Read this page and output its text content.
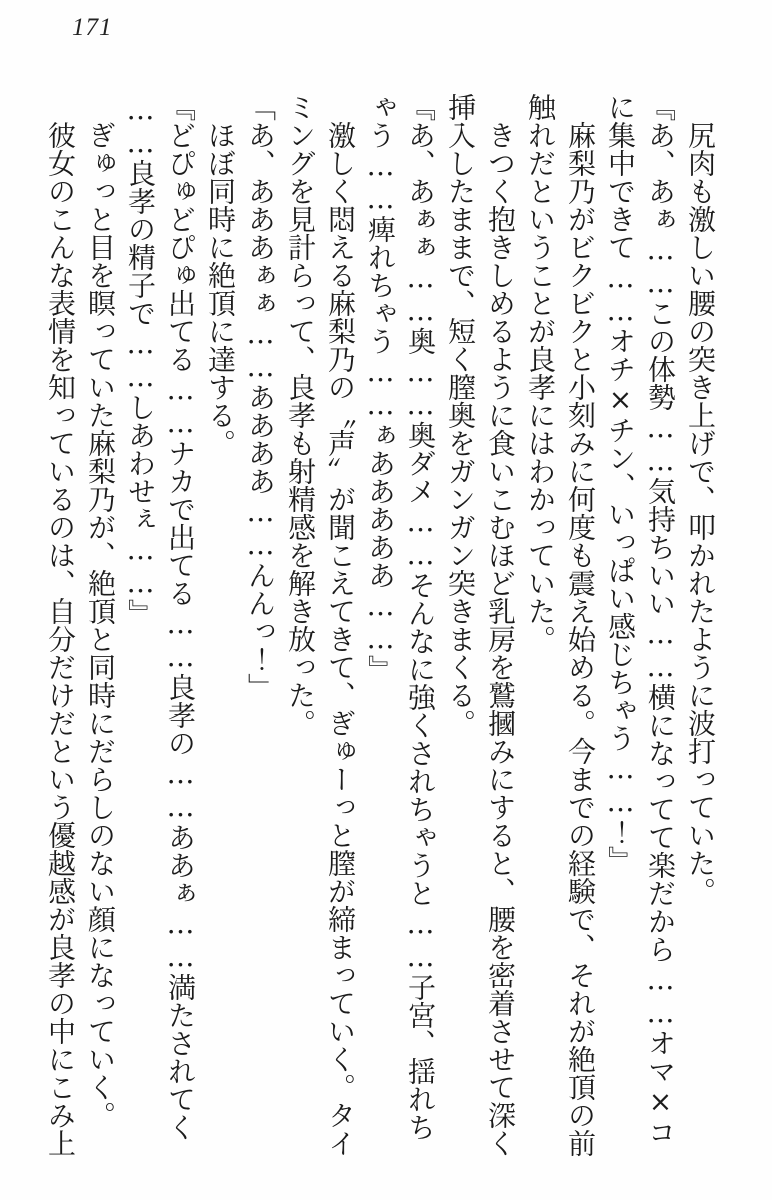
171

尻肉も激しい腰の突き上げで、叩かれたように波打っていた。

『あ、あぁ……この体勢……気持ちいい……横になってて楽だから……オマ×コに集中できて……オチ×チン、いっぱい感じちゃう……！』

麻梨乃がビクビクと小刻みに何度も震え始める。今までの経験で、それが絶頂の前触れだということが良孝にはわかっていた。

きつく抱きしめるように食いこむほど乳房を鷲摑みにすると、腰を密着させて深く挿入したままで、短く膣奥をガンガン突きまくる。

『あ、あぁぁ……奥……奥ダメ……そんなに強くされちゃうと……子宮、揺れちゃう……痺れちゃう……ぁあああああ……』

激しく悶える麻梨乃の〝声〟が聞こえてきて、ぎゅーっと膣が締まっていく。タイミングを見計らって、良孝も射精感を解き放った。

「あ、あああぁぁ……ああああ……んんっ！」

ほぼ同時に絶頂に達する。

『どぴゅどぴゅ出てる……ナカで出てる……良孝の……ああぁ……満たされてく……良孝の精子で……しあわせぇ……』

ぎゅっと目を瞑っていた麻梨乃が、絶頂と同時にだらしのない顔になっていく。

彼女のこんな表情を知っているのは、自分だけだという優越感が良孝の中にこみ上
